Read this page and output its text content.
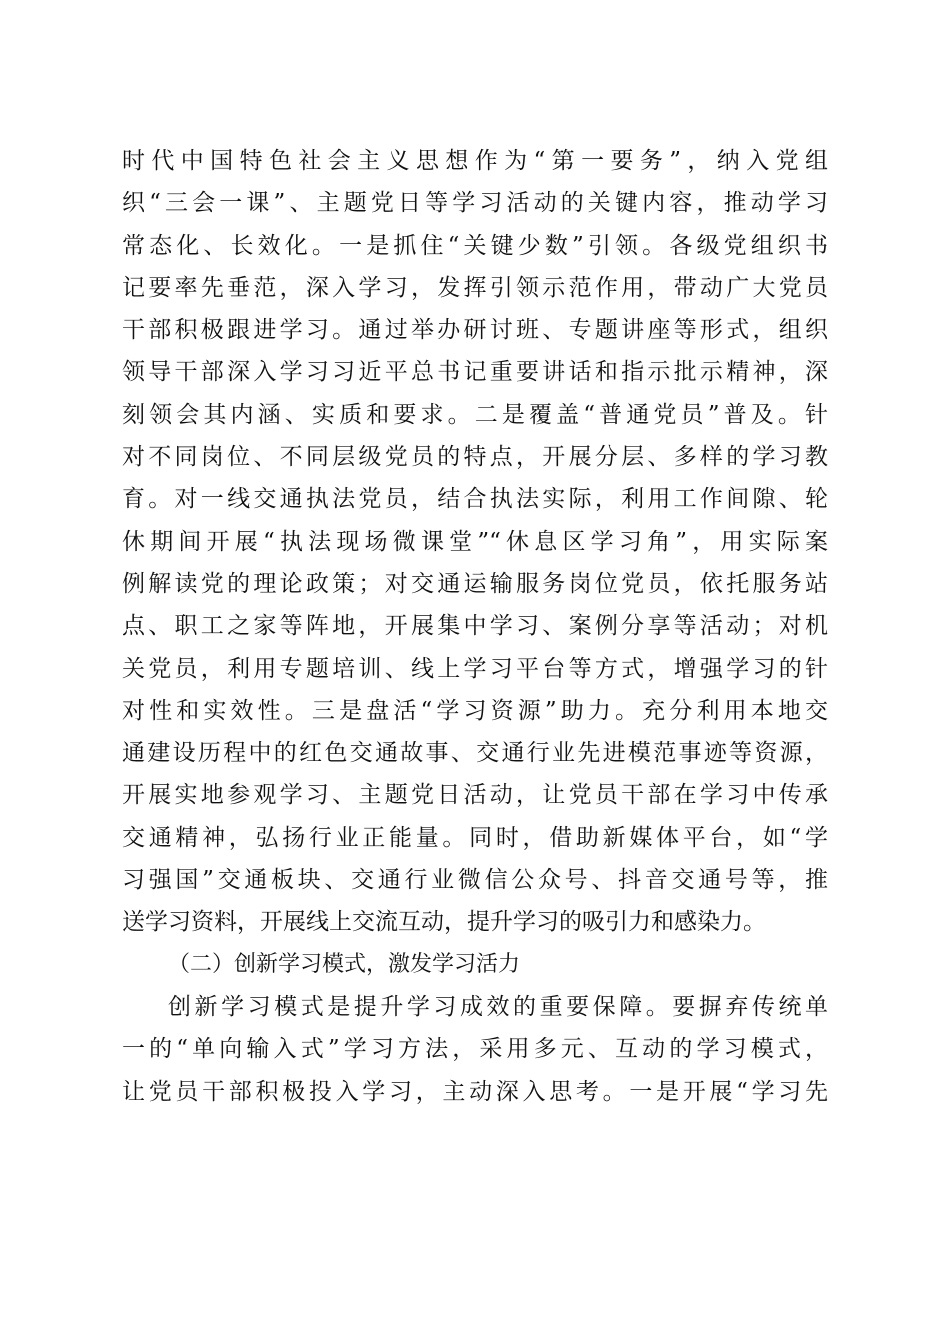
时代中国特色社会主义思想作为“第一要务”，纳入党组
织“三会一课”、主题党日等学习活动的关键内容，推动学习
常态化、长效化。一是抓住“关键少数”引领。各级党组织书
记要率先垂范，深入学习，发挥引领示范作用，带动广大党员
干部积极跟进学习。通过举办研讨班、专题讲座等形式，组织
领导干部深入学习习近平总书记重要讲话和指示批示精神，深
刻领会其内涵、实质和要求。二是覆盖“普通党员”普及。针
对不同岗位、不同层级党员的特点，开展分层、多样的学习教
育。对一线交通执法党员，结合执法实际，利用工作间隙、轮
休期间开展“执法现场微课堂”“休息区学习角”，用实际案
例解读党的理论政策；对交通运输服务岗位党员，依托服务站
点、职工之家等阵地，开展集中学习、案例分享等活动；对机
关党员，利用专题培训、线上学习平台等方式，增强学习的针
对性和实效性。三是盘活“学习资源”助力。充分利用本地交
通建设历程中的红色交通故事、交通行业先进模范事迹等资源，
开展实地参观学习、主题党日活动，让党员干部在学习中传承
交通精神，弘扬行业正能量。同时，借助新媒体平台，如“学
习强国”交通板块、交通行业微信公众号、抖音交通号等，推
送学习资料，开展线上交流互动，提升学习的吸引力和感染力。
（二）创新学习模式，激发学习活力
创新学习模式是提升学习成效的重要保障。要摒弃传统单
一的“单向输入式”学习方法，采用多元、互动的学习模式，
让党员干部积极投入学习，主动深入思考。一是开展“学习先
